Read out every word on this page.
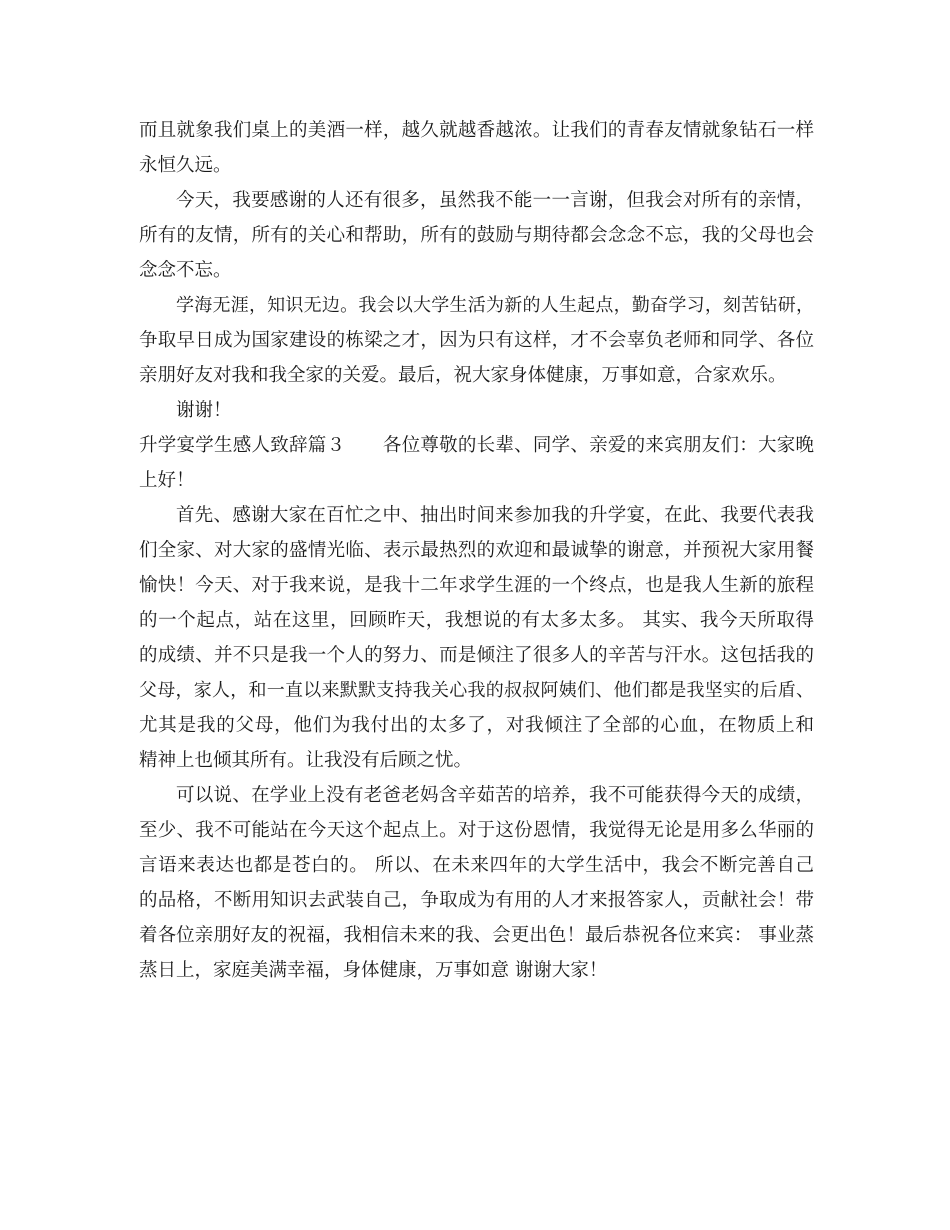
而且就象我们桌上的美酒一样，越久就越香越浓。让我们的青春友情就象钻石一样
永恒久远。
今天，我要感谢的人还有很多，虽然我不能一一言谢，但我会对所有的亲情，
所有的友情，所有的关心和帮助，所有的鼓励与期待都会念念不忘，我的父母也会
念念不忘。
学海无涯，知识无边。我会以大学生活为新的人生起点，勤奋学习，刻苦钻研，
争取早日成为国家建设的栋梁之才，因为只有这样，才不会辜负老师和同学、各位
亲朋好友对我和我全家的关爱。最后，祝大家身体健康，万事如意，合家欢乐。
谢谢！
升学宴学生感人致辞篇３　　各位尊敬的长辈、同学、亲爱的来宾朋友们：大家晚
上好！
首先、感谢大家在百忙之中、抽出时间来参加我的升学宴，在此、我要代表我
们全家、对大家的盛情光临、表示最热烈的欢迎和最诚挚的谢意，并预祝大家用餐
愉快！今天、对于我来说，是我十二年求学生涯的一个终点，也是我人生新的旅程
的一个起点，站在这里，回顾昨天，我想说的有太多太多。 其实、我今天所取得
的成绩、并不只是我一个人的努力、而是倾注了很多人的辛苦与汗水。这包括我的
父母，家人，和一直以来默默支持我关心我的叔叔阿姨们、他们都是我坚实的后盾、
尤其是我的父母，他们为我付出的太多了，对我倾注了全部的心血，在物质上和
精神上也倾其所有。让我没有后顾之忧。
可以说、在学业上没有老爸老妈含辛茹苦的培养，我不可能获得今天的成绩，
至少、我不可能站在今天这个起点上。对于这份恩情，我觉得无论是用多么华丽的
言语来表达也都是苍白的。 所以、在未来四年的大学生活中，我会不断完善自己
的品格，不断用知识去武装自己，争取成为有用的人才来报答家人，贡献社会！带
着各位亲朋好友的祝福，我相信未来的我、会更出色！最后恭祝各位来宾： 事业蒸
蒸日上，家庭美满幸福，身体健康，万事如意 谢谢大家！
